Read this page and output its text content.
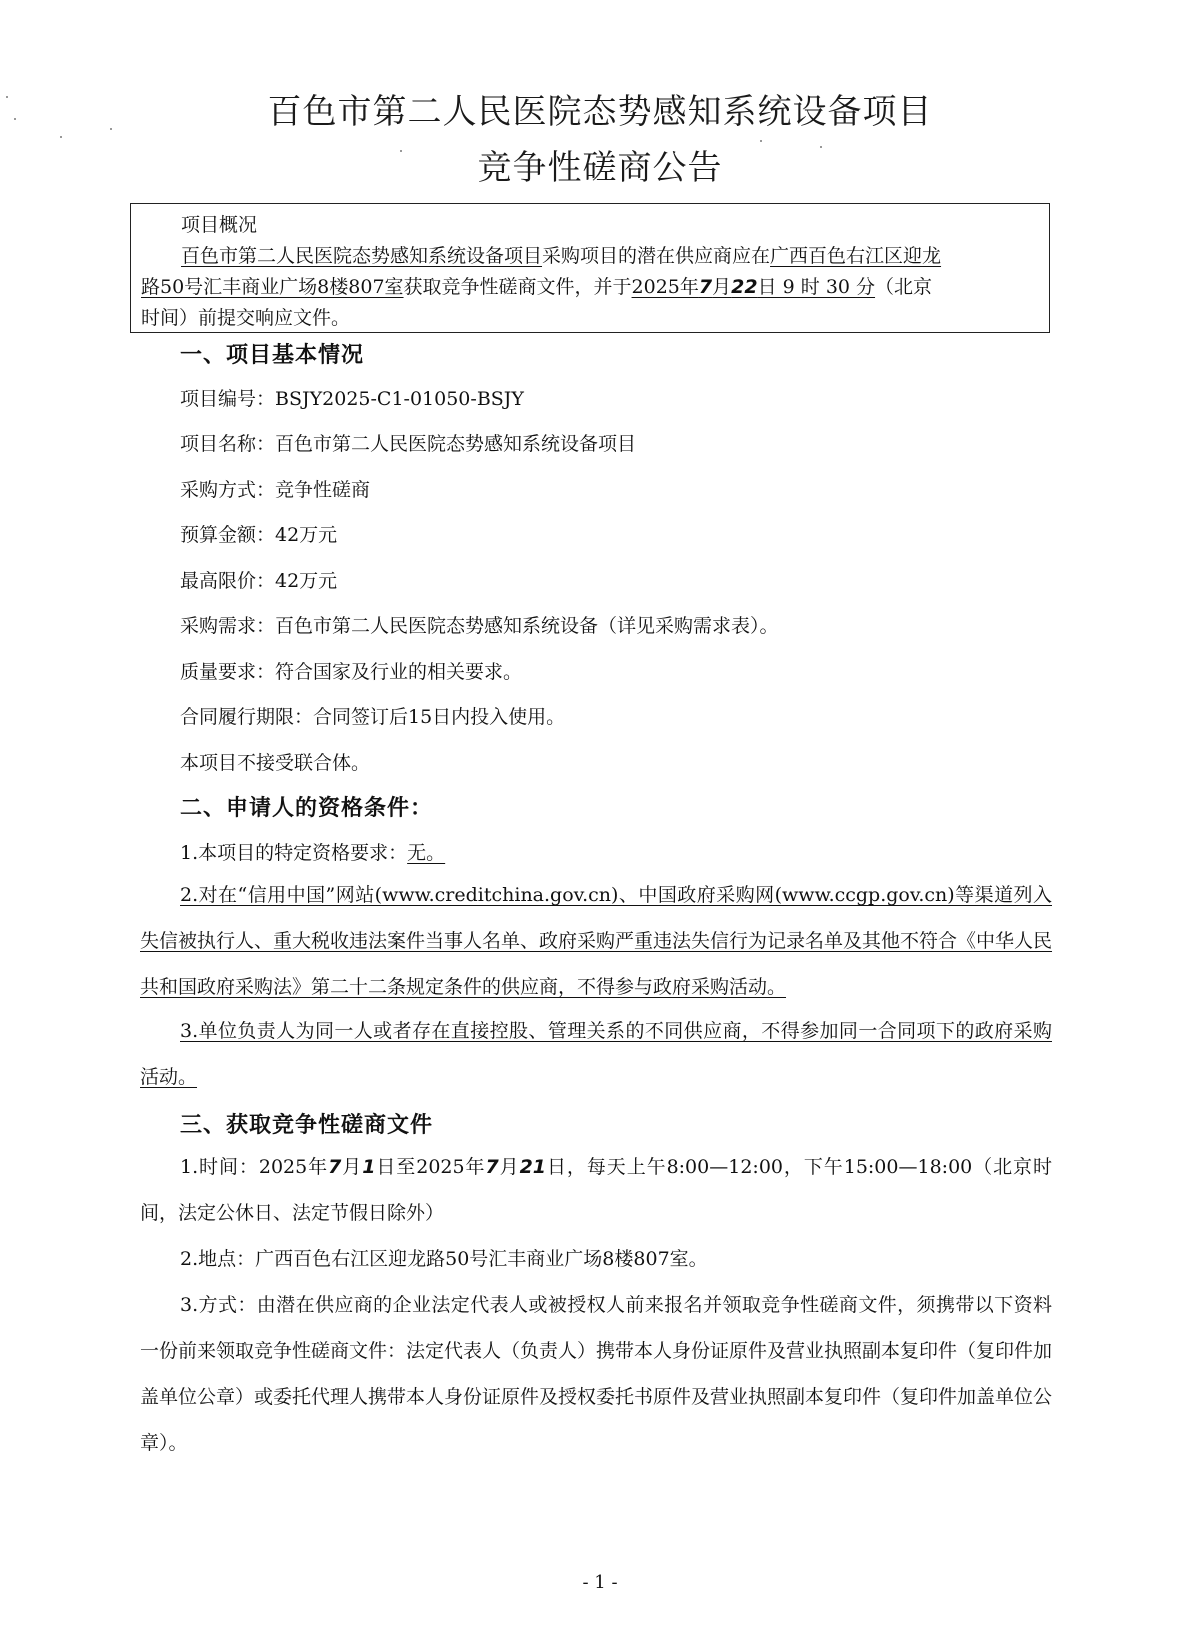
百色市第二人民医院态势感知系统设备项目
竞争性磋商公告
项目概况
百色市第二人民医院态势感知系统设备项目采购项目的潜在供应商应在广西百色右江区迎龙
路50号汇丰商业广场8楼807室获取竞争性磋商文件，并于2025年7月22日 9 时 30 分（北京
时间）前提交响应文件。
一、项目基本情况
项目编号：BSJY2025-C1-01050-BSJY
项目名称：百色市第二人民医院态势感知系统设备项目
采购方式：竞争性磋商
预算金额：42万元
最高限价：42万元
采购需求：百色市第二人民医院态势感知系统设备（详见采购需求表）。
质量要求：符合国家及行业的相关要求。
合同履行期限：合同签订后15日内投入使用。
本项目不接受联合体。
二、申请人的资格条件：
1.本项目的特定资格要求：无。
2.对在“信用中国”网站(www.creditchina.gov.cn)、中国政府采购网(www.ccgp.gov.cn)等渠道列入失信被执行人、重大税收违法案件当事人名单、政府采购严重违法失信行为记录名单及其他不符合《中华人民共和国政府采购法》第二十二条规定条件的供应商，不得参与政府采购活动。
3.单位负责人为同一人或者存在直接控股、管理关系的不同供应商，不得参加同一合同项下的政府采购活动。
三、获取竞争性磋商文件
1.时间：2025年7月1日至2025年7月21日，每天上午8:00—12:00，下午15:00—18:00（北京时间，法定公休日、法定节假日除外）
2.地点：广西百色右江区迎龙路50号汇丰商业广场8楼807室。
3.方式：由潜在供应商的企业法定代表人或被授权人前来报名并领取竞争性磋商文件，须携带以下资料一份前来领取竞争性磋商文件：法定代表人（负责人）携带本人身份证原件及营业执照副本复印件（复印件加盖单位公章）或委托代理人携带本人身份证原件及授权委托书原件及营业执照副本复印件（复印件加盖单位公章）。
- 1 -
